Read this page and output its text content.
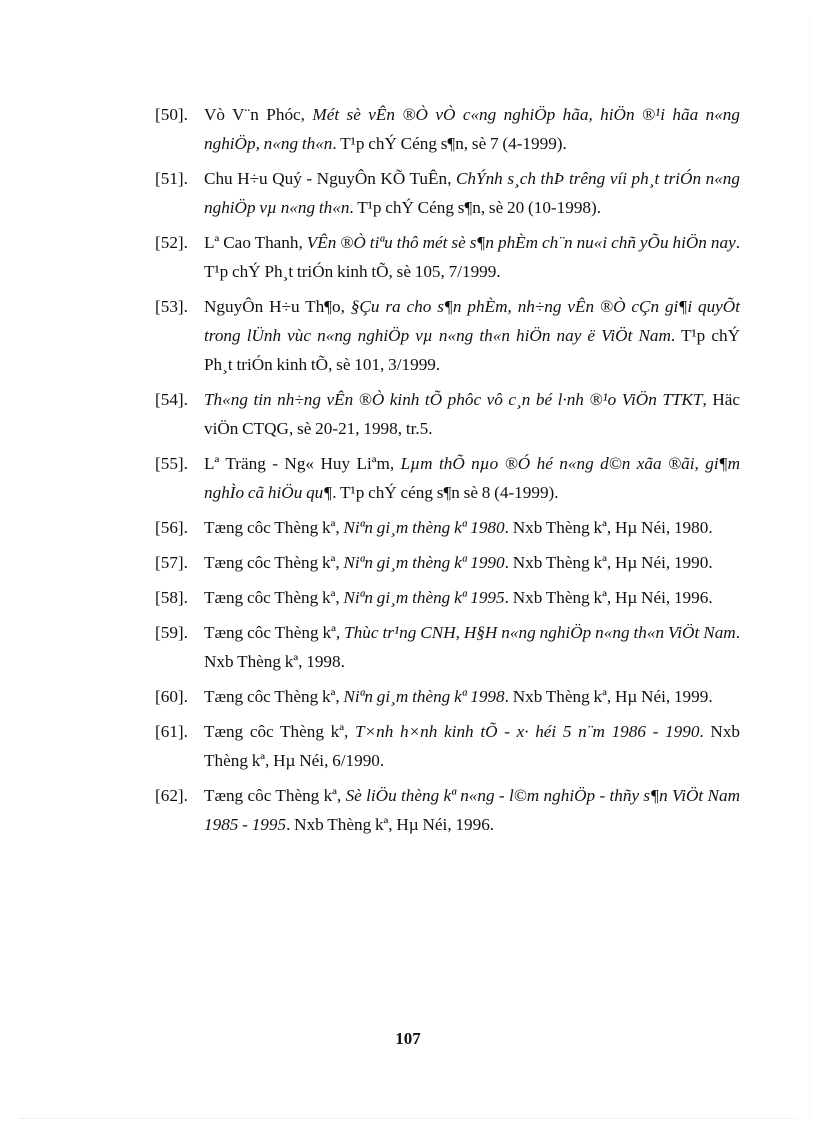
[50]. Vò V¨n Phóc, Mét sè vÊn ®Ò vÒ c«ng nghiÖp hãa, hiÖn ®¹i hãa n«ng nghiÖp, n«ng th«n. T¹p chÝ Céng s¶n, sè 7 (4-1999).
[51]. Chu H÷u Quý - NguyÔn KÕ TuÊn, ChÝnh s¸ch thÞ trêng víi ph¸t triÓn n«ng nghiÖp vµ n«ng th«n. T¹p chÝ Céng s¶n, sè 20 (10-1998).
[52]. Lª Cao Thanh, VÊn ®Ò tiªu thô mét sè s¶n phÈm ch¨n nu«i chñ yÕu hiÖn nay. T¹p chÝ Ph¸t triÓn kinh tÕ, sè 105, 7/1999.
[53]. NguyÔn H÷u Th¶o, §Çu ra cho s¶n phÈm, nh÷ng vÊn ®Ò cÇn gi¶i quyÕt trong lÜnh vùc n«ng nghiÖp vµ n«ng th«n hiÖn nay ë ViÖt Nam. T¹p chÝ Ph¸t triÓn kinh tÕ, sè 101, 3/1999.
[54]. Th«ng tin nh÷ng vÊn ®Ò kinh tÕ phôc vô c¸n bé l·nh ®¹o ViÖn TTKT, Häc viÖn CTQG, sè 20-21, 1998, tr.5.
[55]. Lª Träng - Ng« Huy Liªm, Lµm thÕ nµo ®Ó hé n«ng d©n xãa ®ãi, gi¶m nghÌo cã hiÖu qu¶. T¹p chÝ céng s¶n sè 8 (4-1999).
[56]. Tæng côc Thèng kª, Niªn gi¸m thèng kª 1980. Nxb Thèng kª, Hµ Néi, 1980.
[57]. Tæng côc Thèng kª, Niªn gi¸m thèng kª 1990. Nxb Thèng kª, Hµ Néi, 1990.
[58]. Tæng côc Thèng kª, Niªn gi¸m thèng kª 1995. Nxb Thèng kª, Hµ Néi, 1996.
[59]. Tæng côc Thèng kª, Thùc tr¹ng CNH, H§H n«ng nghiÖp n«ng th«n ViÖt Nam. Nxb Thèng kª, 1998.
[60]. Tæng côc Thèng kª, Niªn gi¸m thèng kª 1998. Nxb Thèng kª, Hµ Néi, 1999.
[61]. Tæng côc Thèng kª, T×nh h×nh kinh tÕ - x· héi 5 n¨m 1986 - 1990. Nxb Thèng kª, Hµ Néi, 6/1990.
[62]. Tæng côc Thèng kª, Sè liÖu thèng kª n«ng - l©m nghiÖp - thñy s¶n ViÖt Nam 1985 - 1995. Nxb Thèng kª, Hµ Néi, 1996.
107
